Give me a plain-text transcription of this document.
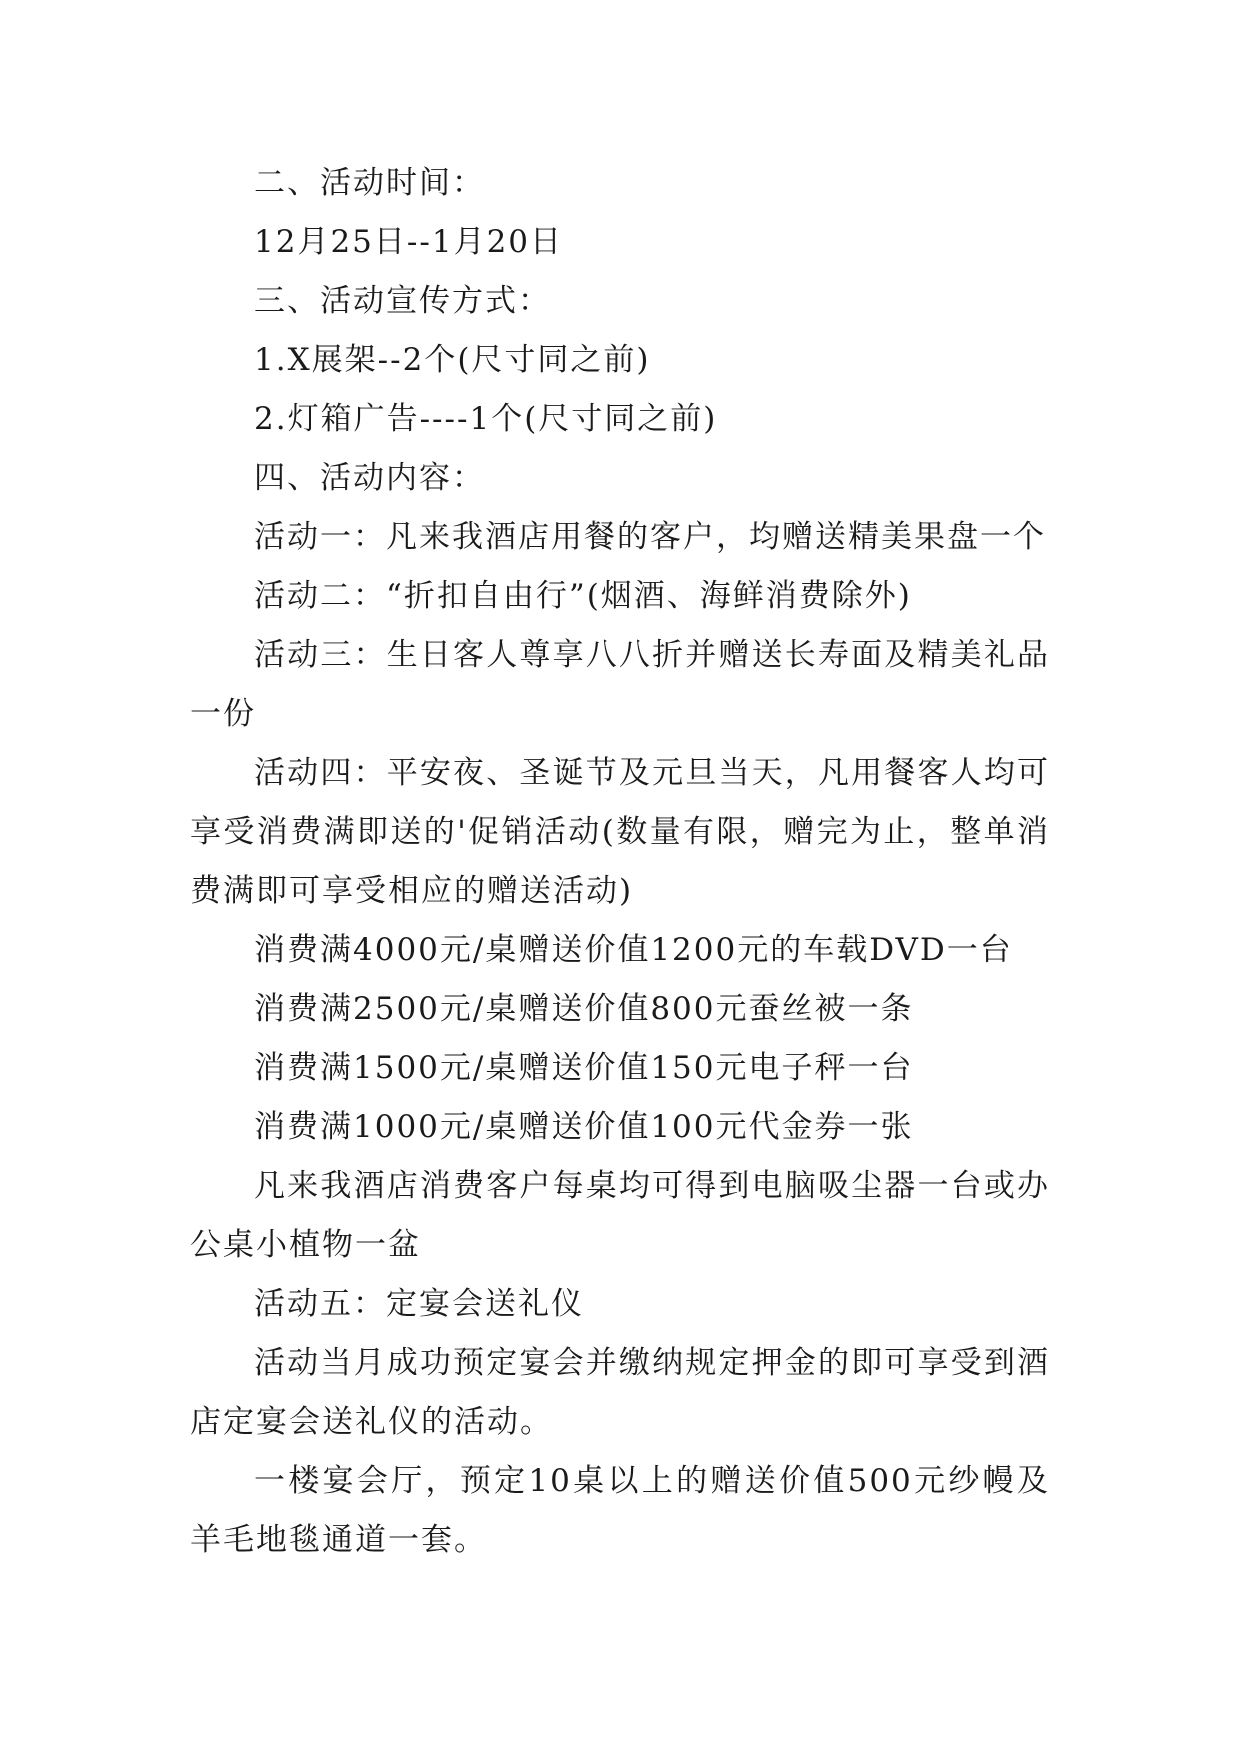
二、活动时间：

12月25日--1月20日

三、活动宣传方式：

1.X展架--2个(尺寸同之前)

2.灯箱广告----1个(尺寸同之前)

四、活动内容：

活动一：凡来我酒店用餐的客户，均赠送精美果盘一个

活动二：“折扣自由行”(烟酒、海鲜消费除外)

活动三：生日客人尊享八八折并赠送长寿面及精美礼品一份

活动四：平安夜、圣诞节及元旦当天，凡用餐客人均可享受消费满即送的'促销活动(数量有限，赠完为止，整单消费满即可享受相应的赠送活动)

消费满4000元/桌赠送价值1200元的车载DVD一台

消费满2500元/桌赠送价值800元蚕丝被一条

消费满1500元/桌赠送价值150元电子秤一台

消费满1000元/桌赠送价值100元代金券一张

凡来我酒店消费客户每桌均可得到电脑吸尘器一台或办公桌小植物一盆

活动五：定宴会送礼仪

活动当月成功预定宴会并缴纳规定押金的即可享受到酒店定宴会送礼仪的活动。

一楼宴会厅，预定10桌以上的赠送价值500元纱幔及羊毛地毯通道一套。
